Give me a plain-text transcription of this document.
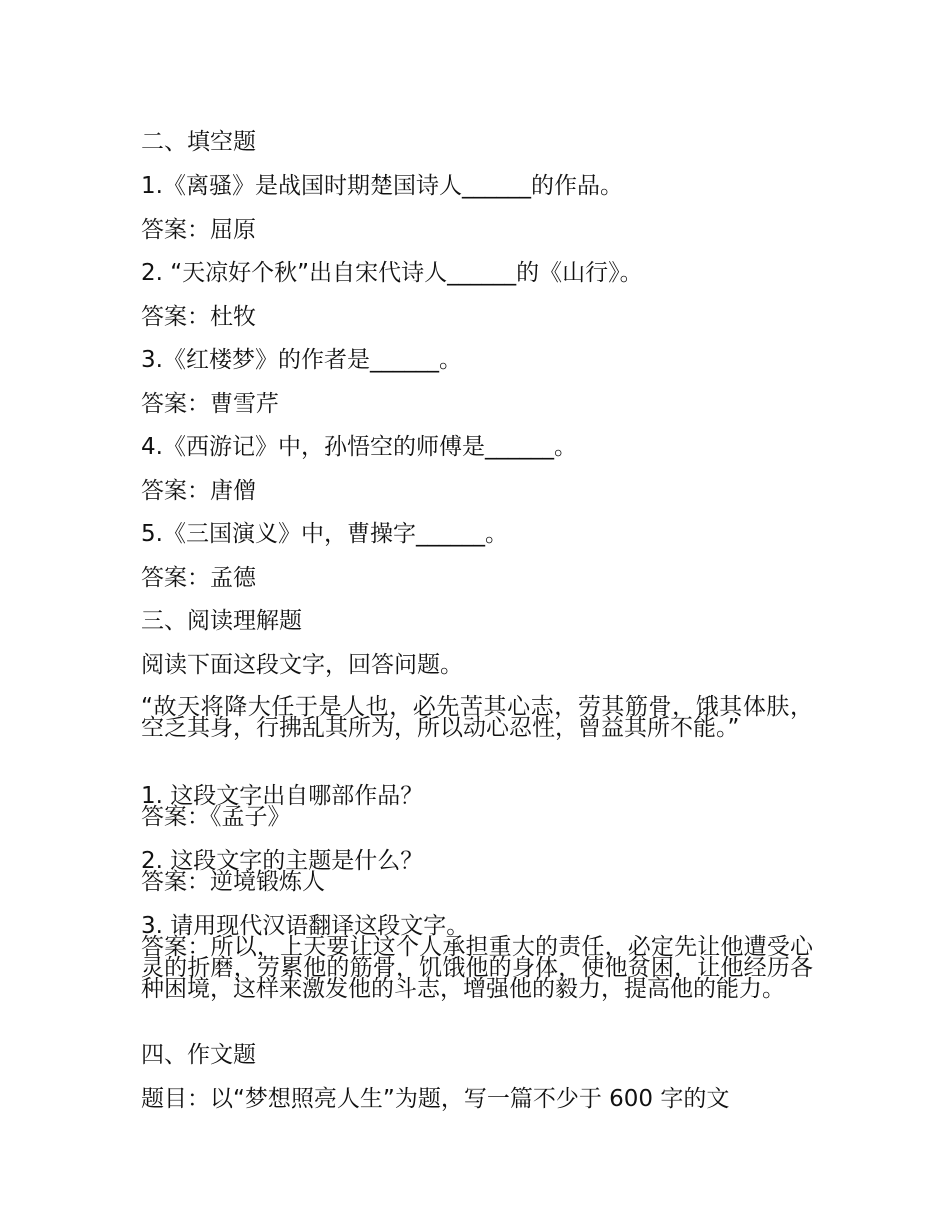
二、填空题

1.《离骚》是战国时期楚国诗人______的作品。

答案：屈原

2. “天凉好个秋”出自宋代诗人______的《山行》。

答案：杜牧

3.《红楼梦》的作者是______。

答案：曹雪芹

4.《西游记》中，孙悟空的师傅是______。

答案：唐僧

5.《三国演义》中，曹操字______。

答案：孟德

三、阅读理解题

阅读下面这段文字，回答问题。

“故天将降大任于是人也，必先苦其心志，劳其筋骨，饿其体肤，空乏其身，行拂乱其所为，所以动心忍性，曾益其所不能。”

1. 这段文字出自哪部作品？

答案：《孟子》

2. 这段文字的主题是什么？

答案：逆境锻炼人

3. 请用现代汉语翻译这段文字。

答案：所以，上天要让这个人承担重大的责任，必定先让他遭受心灵的折磨，劳累他的筋骨，饥饿他的身体，使他贫困，让他经历各种困境，这样来激发他的斗志，增强他的毅力，提高他的能力。

四、作文题

题目：以“梦想照亮人生”为题，写一篇不少于 600 字的文
